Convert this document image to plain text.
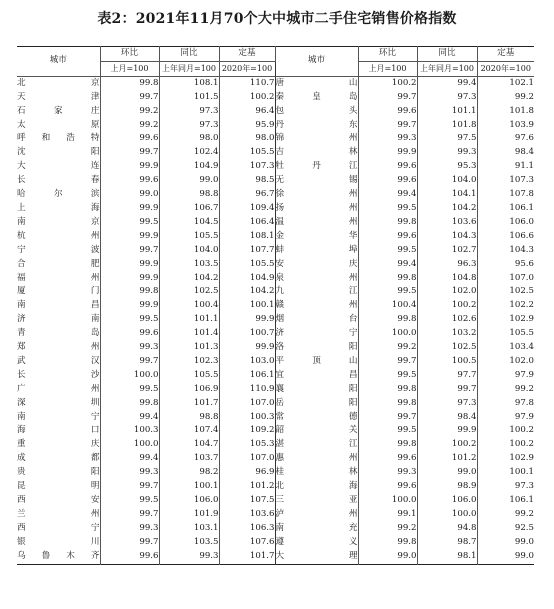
表2：2021年11月70个大中城市二手住宅销售价格指数
城市	环比	同比	定基	城市	环比	同比	定基
	上月=100	上年同月=100	2020年=100		上月=100	上年同月=100	2020年=100
北京	99.8	108.1	110.7	唐山	100.2	99.4	102.1
天津	99.7	101.5	100.2	秦皇岛	99.7	97.3	99.2
石家庄	99.2	97.3	96.4	包头	99.6	101.1	101.8
太原	99.2	97.3	95.9	丹东	99.7	101.8	103.9
呼和浩特	99.6	98.0	98.0	锦州	99.3	97.5	97.6
沈阳	99.7	102.4	105.5	吉林	99.9	99.3	98.4
大连	99.9	104.9	107.3	牡丹江	99.6	95.3	91.1
长春	99.6	99.0	98.5	无锡	99.6	104.0	107.3
哈尔滨	99.0	98.8	96.7	徐州	99.4	104.1	107.8
上海	99.9	106.7	109.4	扬州	99.5	104.2	106.1
南京	99.5	104.5	106.4	温州	99.8	103.6	106.0
杭州	99.9	105.5	108.1	金华	99.6	104.3	106.6
宁波	99.7	104.0	107.7	蚌埠	99.5	102.7	104.3
合肥	99.9	103.5	105.5	安庆	99.4	96.3	95.6
福州	99.9	104.2	104.9	泉州	99.8	104.8	107.0
厦门	99.8	102.5	104.2	九江	99.5	102.0	102.5
南昌	99.9	100.4	100.1	赣州	100.4	100.2	102.2
济南	99.5	101.1	99.9	烟台	99.8	102.6	102.9
青岛	99.6	101.4	100.7	济宁	100.0	103.2	105.5
郑州	99.3	101.3	99.9	洛阳	99.2	102.5	103.4
武汉	99.7	102.3	103.0	平顶山	99.7	100.5	102.0
长沙	100.0	105.5	106.1	宜昌	99.5	97.7	97.9
广州	99.5	106.9	110.9	襄阳	99.8	99.7	99.2
深圳	99.8	101.7	107.0	岳阳	99.8	97.3	97.8
南宁	99.4	98.8	100.3	常德	99.7	98.4	97.9
海口	100.3	107.4	109.2	韶关	99.5	99.9	100.2
重庆	100.0	104.7	105.3	湛江	99.8	100.2	100.2
成都	99.4	103.7	107.0	惠州	99.6	101.2	102.9
贵阳	99.3	98.2	96.9	桂林	99.3	99.0	100.1
昆明	99.7	100.1	101.2	北海	99.6	98.9	97.3
西安	99.5	106.0	107.5	三亚	100.0	106.0	106.1
兰州	99.7	101.9	103.6	泸州	99.1	100.0	99.2
西宁	99.3	103.1	106.3	南充	99.2	94.8	92.5
银川	99.7	103.5	107.6	遵义	99.8	98.7	99.0
乌鲁木齐	99.6	99.3	101.7	大理	99.0	98.1	99.0
